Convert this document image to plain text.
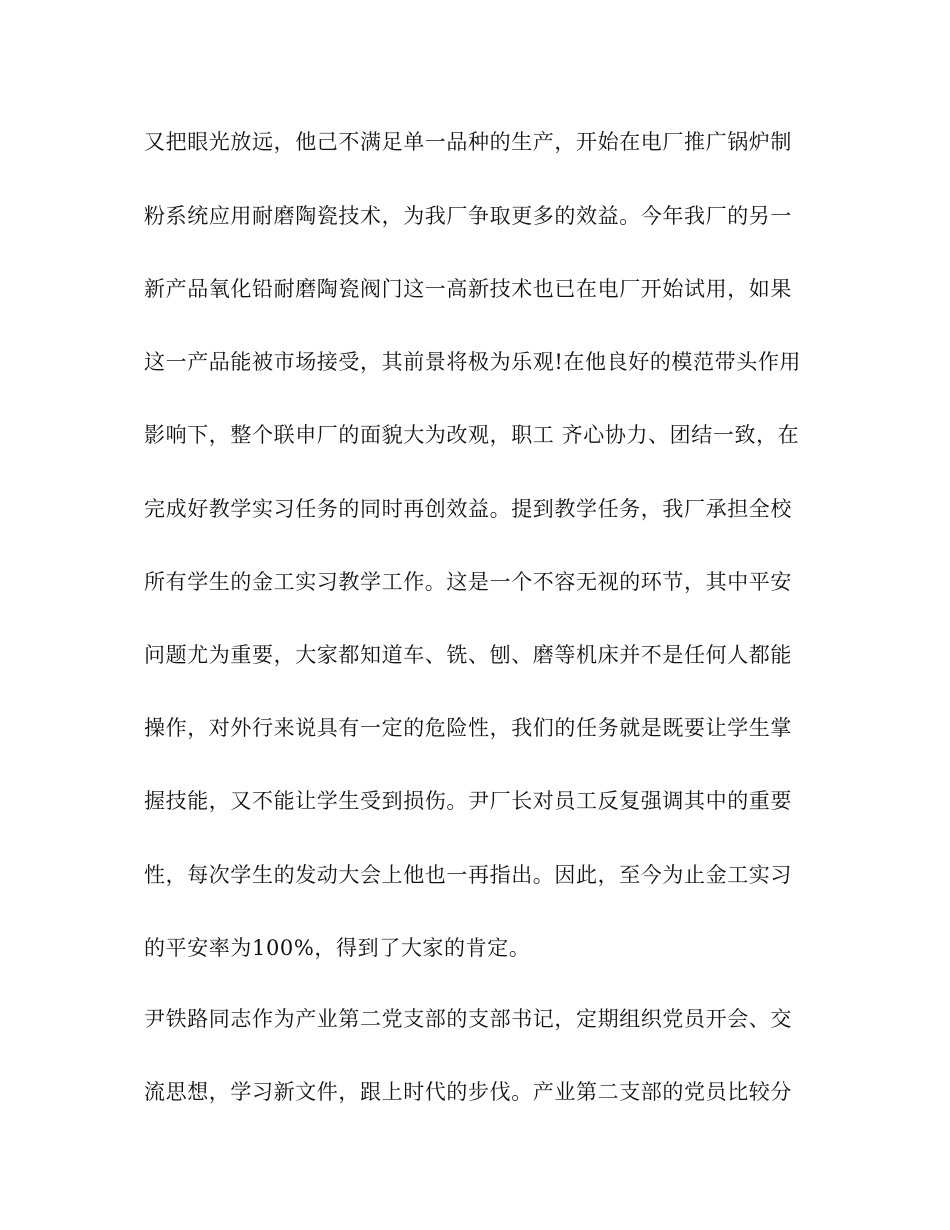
又把眼光放远，他己不满足单一品种的生产，开始在电厂推广锅炉制
粉系统应用耐磨陶瓷技术，为我厂争取更多的效益。今年我厂的另一
新产品氧化铅耐磨陶瓷阀门这一高新技术也已在电厂开始试用，如果
这一产品能被市场接受，其前景将极为乐观!在他良好的模范带头作用
影响下，整个联申厂的面貌大为改观，职工 齐心协力、团结一致，在
完成好教学实习任务的同时再创效益。提到教学任务，我厂承担全校
所有学生的金工实习教学工作。这是一个不容无视的环节，其中平安
问题尤为重要，大家都知道车、铣、刨、磨等机床并不是任何人都能
操作，对外行来说具有一定的危险性，我们的任务就是既要让学生掌
握技能，又不能让学生受到损伤。尹厂长对员工反复强调其中的重要
性，每次学生的发动大会上他也一再指出。因此，至今为止金工实习
的平安率为100%，得到了大家的肯定。
尹铁路同志作为产业第二党支部的支部书记，定期组织党员开会、交
流思想，学习新文件，跟上时代的步伐。产业第二支部的党员比较分
